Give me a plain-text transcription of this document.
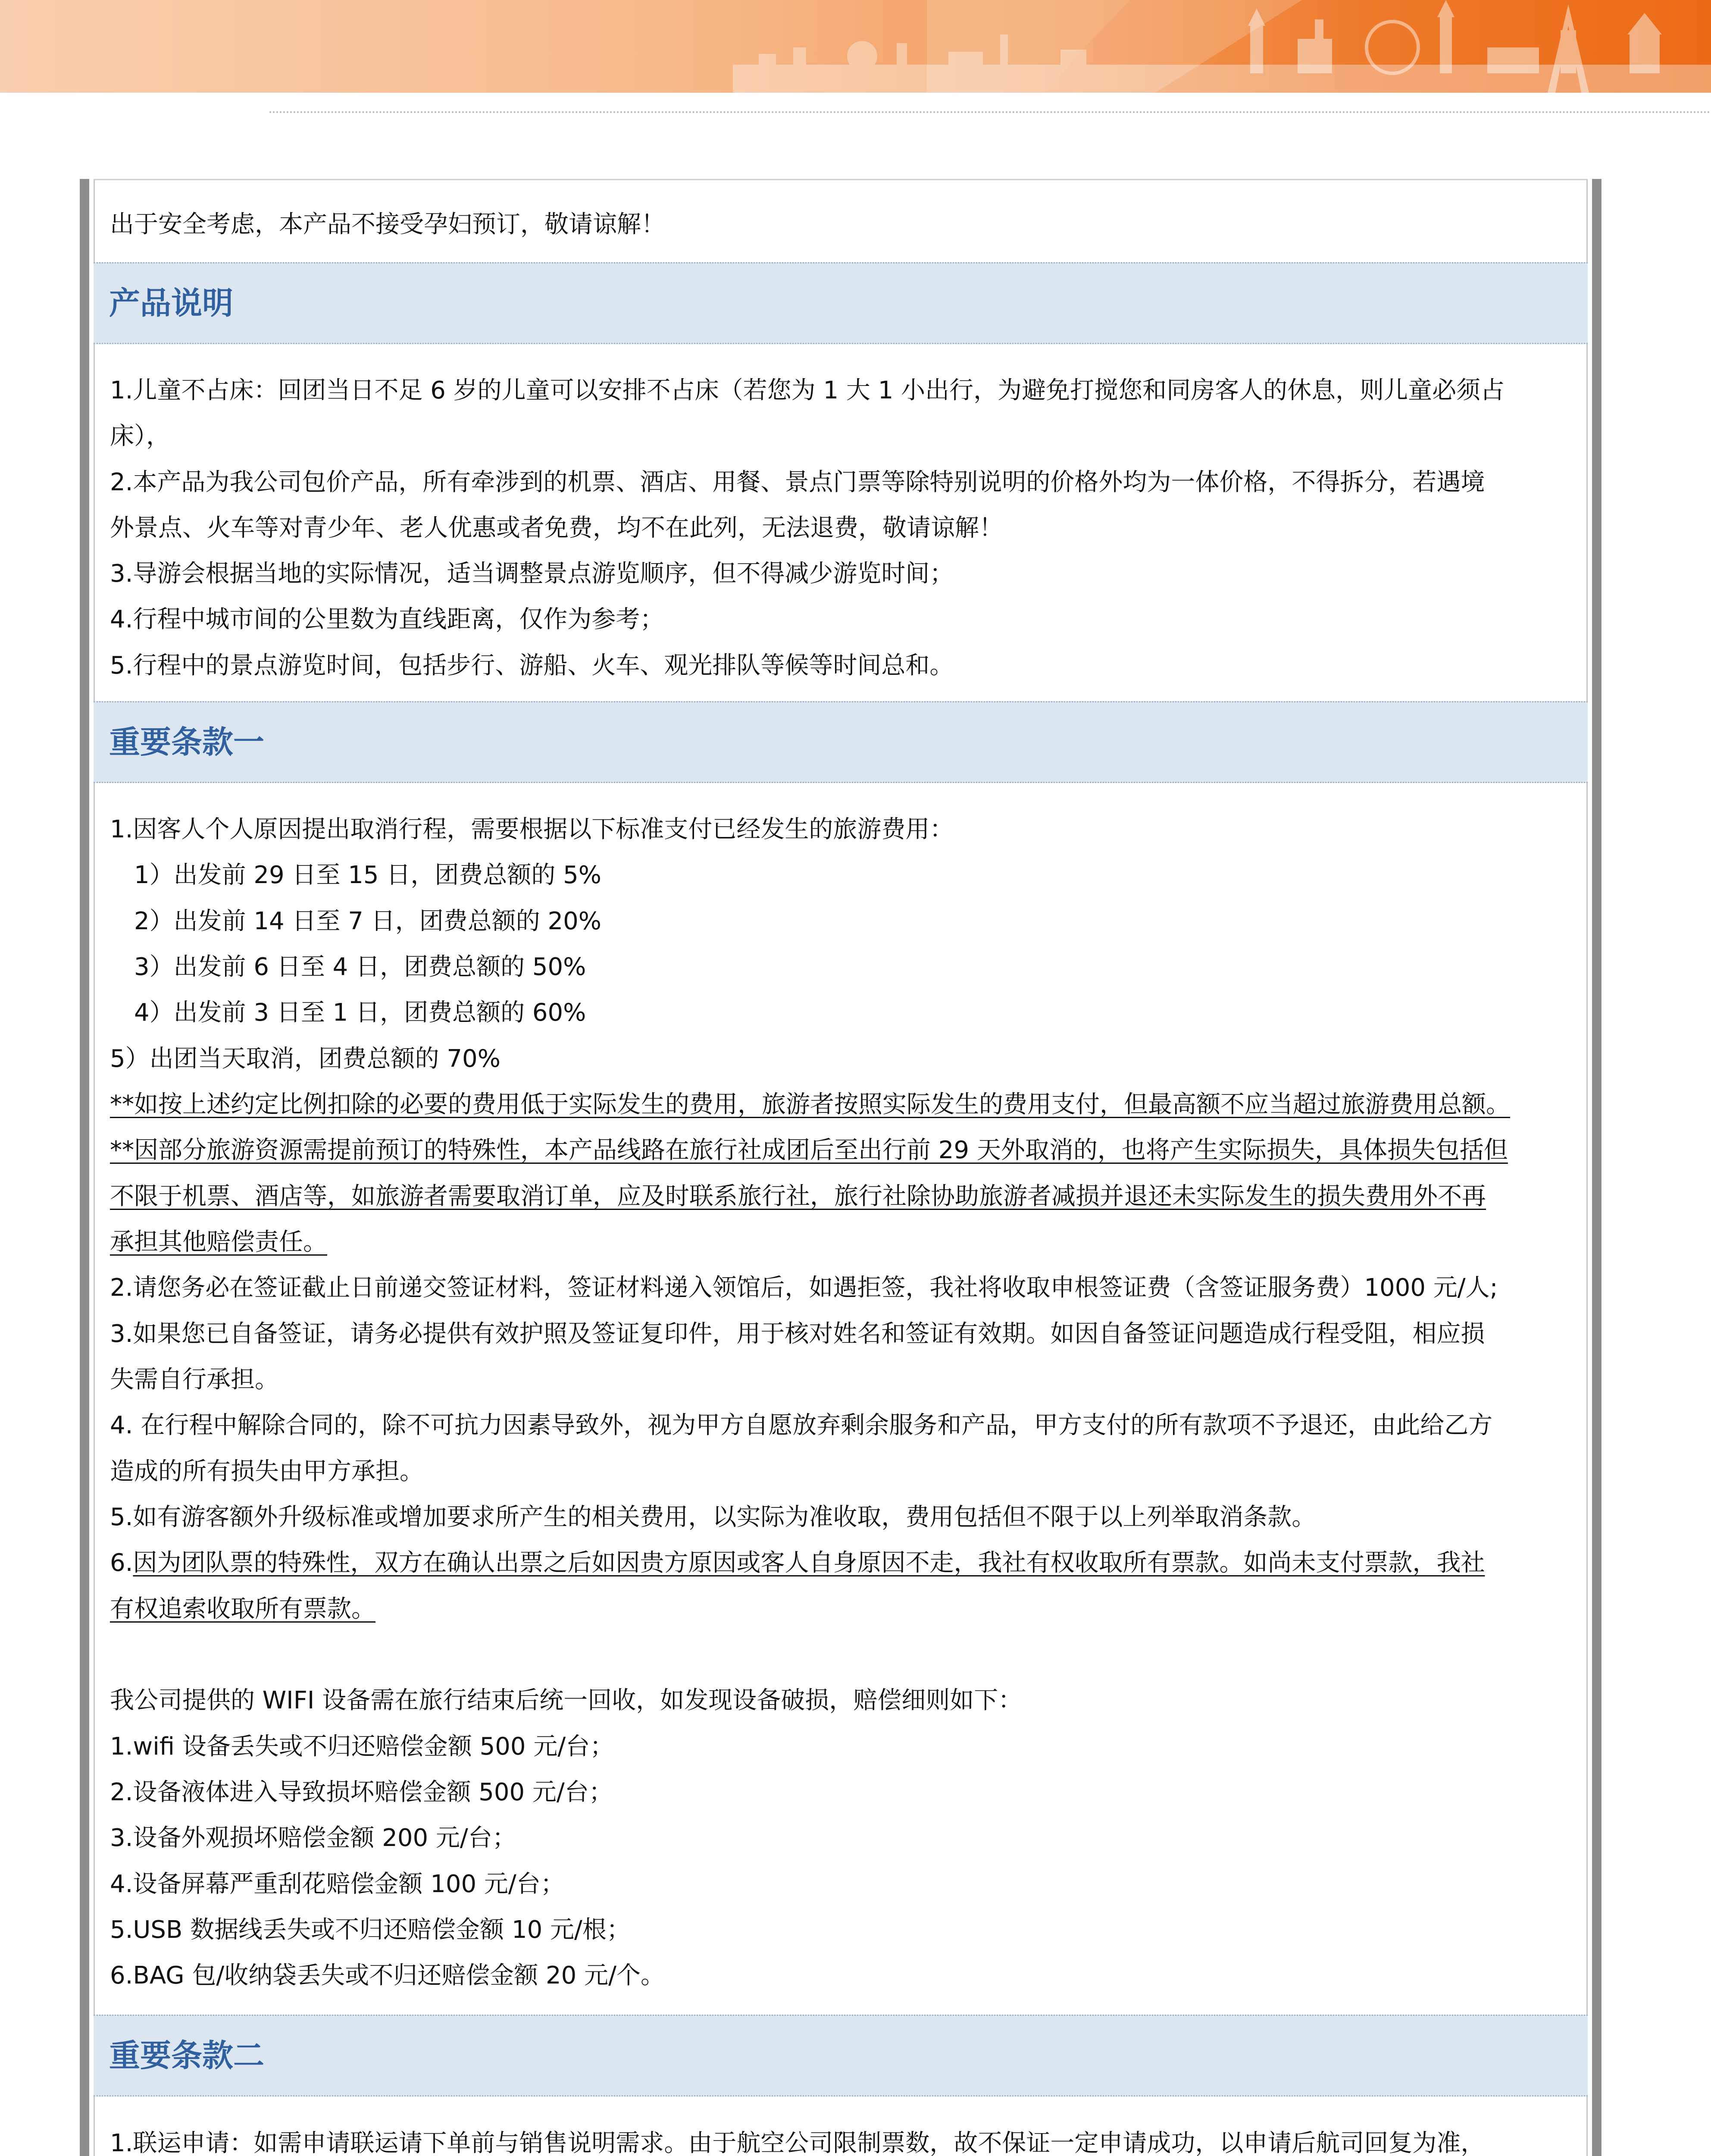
出于安全考虑，本产品不接受孕妇预订，敬请谅解！
产品说明
1.儿童不占床：回团当日不足 6 岁的儿童可以安排不占床（若您为 1 大 1 小出行，为避免打搅您和同房客人的休息，则儿童必须占
床），
2.本产品为我公司包价产品，所有牵涉到的机票、酒店、用餐、景点门票等除特别说明的价格外均为一体价格，不得拆分，若遇境
外景点、火车等对青少年、老人优惠或者免费，均不在此列，无法退费，敬请谅解！
3.导游会根据当地的实际情况，适当调整景点游览顺序，但不得减少游览时间；
4.行程中城市间的公里数为直线距离，仅作为参考；
5.行程中的景点游览时间，包括步行、游船、火车、观光排队等候等时间总和。
重要条款一
1.因客人个人原因提出取消行程，需要根据以下标准支付已经发生的旅游费用：
1）出发前 29 日至 15 日，团费总额的 5%
2）出发前 14 日至 7 日，团费总额的 20%
3）出发前 6 日至 4 日，团费总额的 50%
4）出发前 3 日至 1 日，团费总额的 60%
5）出团当天取消，团费总额的 70%
**如按上述约定比例扣除的必要的费用低于实际发生的费用，旅游者按照实际发生的费用支付，但最高额不应当超过旅游费用总额。
**因部分旅游资源需提前预订的特殊性，本产品线路在旅行社成团后至出行前 29 天外取消的，也将产生实际损失，具体损失包括但
不限于机票、酒店等，如旅游者需要取消订单，应及时联系旅行社，旅行社除协助旅游者减损并退还未实际发生的损失费用外不再
承担其他赔偿责任。
2.请您务必在签证截止日前递交签证材料，签证材料递入领馆后，如遇拒签，我社将收取申根签证费（含签证服务费）1000 元/人;
3.如果您已自备签证，请务必提供有效护照及签证复印件，用于核对姓名和签证有效期。如因自备签证问题造成行程受阻，相应损
失需自行承担。
4. 在行程中解除合同的，除不可抗力因素导致外，视为甲方自愿放弃剩余服务和产品，甲方支付的所有款项不予退还，由此给乙方
造成的所有损失由甲方承担。
5.如有游客额外升级标准或增加要求所产生的相关费用，以实际为准收取，费用包括但不限于以上列举取消条款。
6.因为团队票的特殊性，双方在确认出票之后如因贵方原因或客人自身原因不走，我社有权收取所有票款。如尚未支付票款，我社
有权追索收取所有票款。
我公司提供的 WIFI 设备需在旅行结束后统一回收，如发现设备破损，赔偿细则如下：
1.wifi 设备丢失或不归还赔偿金额 500 元/台；
2.设备液体进入导致损坏赔偿金额 500 元/台；
3.设备外观损坏赔偿金额 200 元/台；
4.设备屏幕严重刮花赔偿金额 100 元/台；
5.USB 数据线丢失或不归还赔偿金额 10 元/根；
6.BAG 包/收纳袋丢失或不归还赔偿金额 20 元/个。
重要条款二
1.联运申请：如需申请联运请下单前与销售说明需求。由于航空公司限制票数，故不保证一定申请成功，以申请后航司回复为准，
